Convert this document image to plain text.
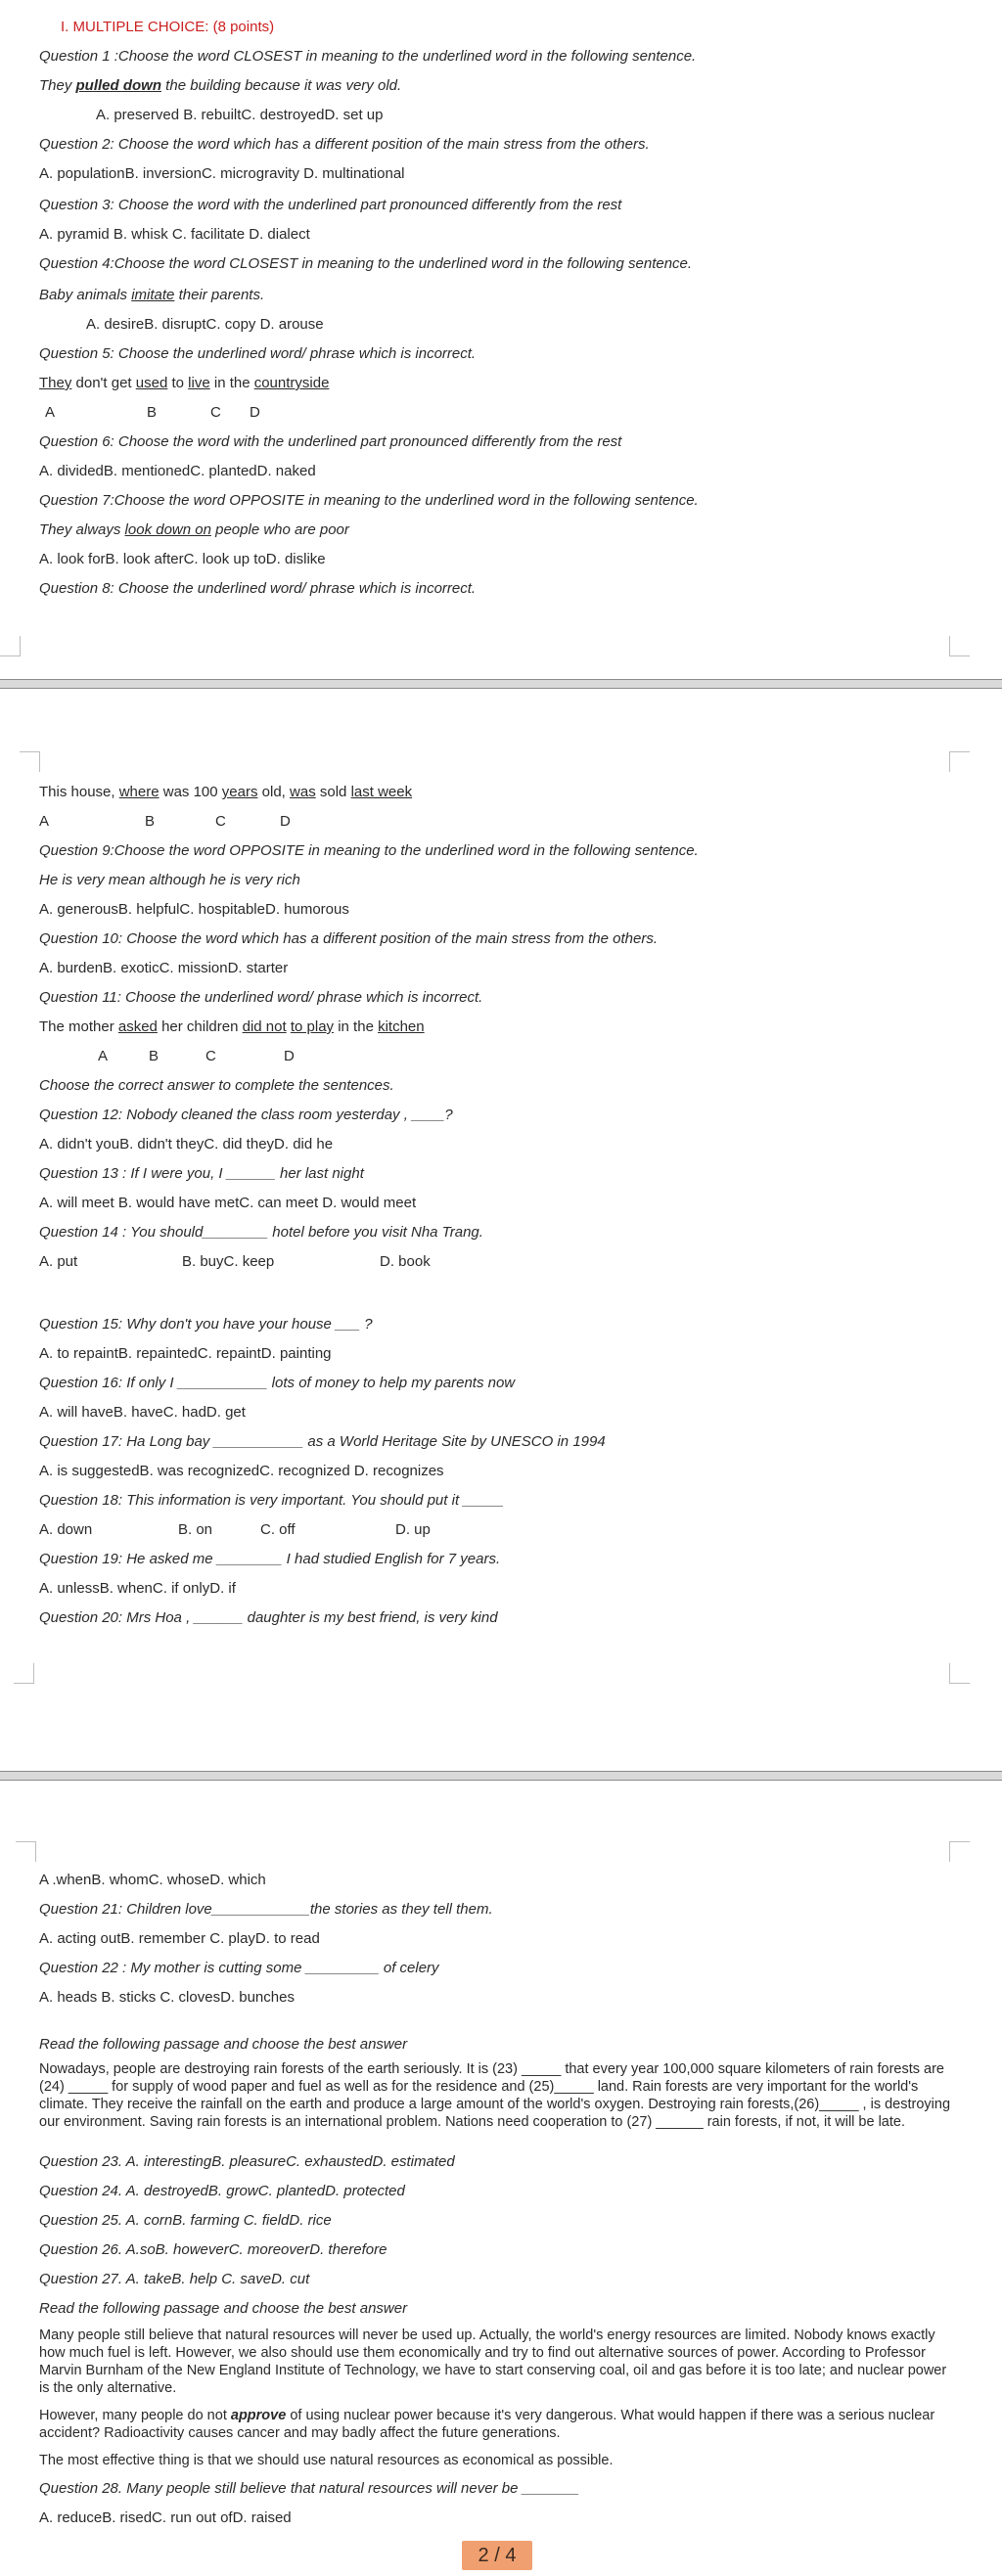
I. MULTIPLE CHOICE: (8 points)
Question 1 :Choose the word CLOSEST in meaning to the underlined word in the following sentence.
They pulled down the building because it was very old.
A. preserved B. rebuiltC. destroyedD. set up
Question 2: Choose the word which has a different position of the main stress from the others.
A. populationB. inversionC. microgravity D. multinational
Question 3: Choose the word with the underlined part pronounced differently from the rest
A. pyramid B. whisk C. facilitate D. dialect
Question 4:Choose the word CLOSEST in meaning to the underlined word in the following sentence.
Baby animals imitate their parents.
A. desireB. disruptC. copy D. arouse
Question 5: Choose the underlined word/ phrase which is incorrect.
They don't get used to live in the countryside
A	B	C D
Question 6: Choose the word with the underlined part pronounced differently from the rest
A. dividedB. mentionedC. plantedD. naked
Question 7:Choose the word OPPOSITE in meaning to the underlined word in the following sentence.
They always look down on people who are poor
A. look forB. look afterC. look up toD. dislike
Question 8: Choose the underlined word/ phrase which is incorrect.
This house, where was 100 years old, was sold last week
A	B	C	D
Question 9:Choose the word OPPOSITE in meaning to the underlined word in the following sentence.
He is very mean although he is very rich
A. generousB. helpfulC. hospitableD. humorous
Question 10: Choose the word which has a different position of the main stress from the others.
A. burdenB. exoticC. missionD. starter
Question 11: Choose the underlined word/ phrase which is incorrect.
The mother asked her children did not to play in the kitchen
A	B	C	D
Choose the correct answer to complete the sentences.
Question 12: Nobody cleaned the class room yesterday , ____?
A. didn't youB. didn't theyC. did theyD. did he
Question 13 : If I were you, I ______ her last night
A. will meet B. would have metC. can meet D. would meet
Question 14 : You should________ hotel before you visit Nha Trang.
A. put	B. buyC. keep	D. book
Question 15: Why don't you have your house ___ ?
A. to repaintB. repaintedC. repaintD. painting
Question 16: If only I ___________ lots of money to help my parents now
A. will haveB. haveC. hadD. get
Question 17: Ha Long bay ___________ as a World Heritage Site by UNESCO in 1994
A. is suggestedB. was recognizedC. recognized D. recognizes
Question 18: This information is very important. You should put it _____
A. down	B. on	C. off	D. up
Question 19: He asked me ________ I had studied English for 7 years.
A. unlessB. whenC. if onlyD. if
Question 20: Mrs Hoa , ______ daughter is my best friend, is very kind
A .whenB. whomC. whoseD. which
Question 21: Children love____________the stories as they tell them.
A. acting outB. remember C. playD. to read
Question 22 : My mother is cutting some _________ of celery
A. heads B. sticks C. clovesD. bunches
Read the following passage and choose the best answer
Nowadays, people are destroying rain forests of the earth seriously. It is (23) _____ that every year 100,000 square kilometers of rain forests are (24) _____ for supply of wood paper and fuel as well as for the residence and (25)_____ land. Rain forests are very important for the world's climate. They receive the rainfall on the earth and produce a large amount of the world's oxygen. Destroying rain forests,(26)_____ , is destroying our environment. Saving rain forests is an international problem. Nations need cooperation to (27) ______ rain forests, if not, it will be late.
Question 23. A. interestingB. pleasureC. exhaustedD. estimated
Question 24. A. destroyedB. growC. plantedD. protected
Question 25. A. cornB. farming C. fieldD. rice
Question 26. A.soB. howeverC. moreoverD. therefore
Question 27. A. takeB. help C. saveD. cut
Read the following passage and choose the best answer
Many people still believe that natural resources will never be used up. Actually, the world's energy resources are limited. Nobody knows exactly how much fuel is left. However, we also should use them economically and try to find out alternative sources of power. According to Professor Marvin Burnham of the New England Institute of Technology, we have to start conserving coal, oil and gas before it is too late; and nuclear power is the only alternative.
However, many people do not approve of using nuclear power because it's very dangerous. What would happen if there was a serious nuclear accident? Radioactivity causes cancer and may badly affect the future generations.
The most effective thing is that we should use natural resources as economical as possible.
Question 28. Many people still believe that natural resources will never be _______
A. reduceB. risedC. run out ofD. raised
2 / 4
